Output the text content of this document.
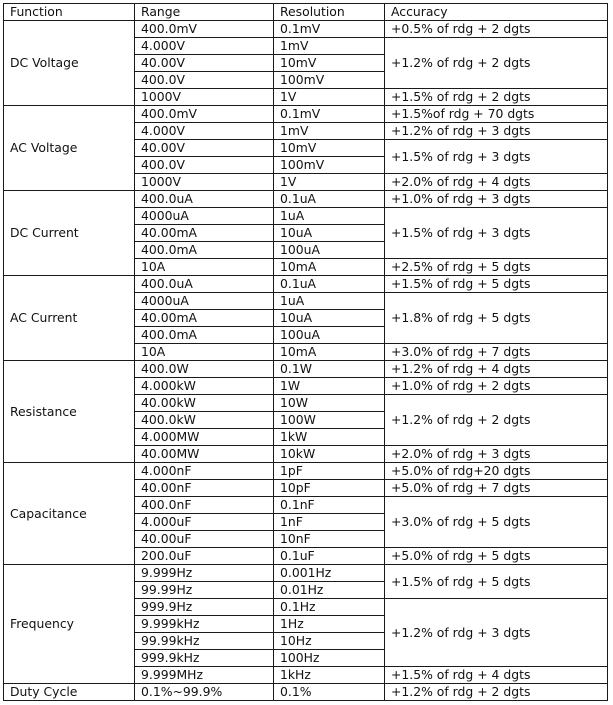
Function	Range	Resolution	Accuracy
DC Voltage	400.0mV	0.1mV	+0.5% of rdg + 2 dgts
	4.000V	1mV	+1.2% of rdg + 2 dgts
	40.00V	10mV	
	400.0V	100mV	
	1000V	1V	+1.5% of rdg + 2 dgts
AC Voltage	400.0mV	0.1mV	+1.5%of rdg + 70 dgts
	4.000V	1mV	+1.2% of rdg + 3 dgts
	40.00V	10mV	+1.5% of rdg + 3 dgts
	400.0V	100mV	
	1000V	1V	+2.0% of rdg + 4 dgts
DC Current	400.0uA	0.1uA	+1.0% of rdg + 3 dgts
	4000uA	1uA	+1.5% of rdg + 3 dgts
	40.00mA	10uA	
	400.0mA	100uA	
	10A	10mA	+2.5% of rdg + 5 dgts
AC Current	400.0uA	0.1uA	+1.5% of rdg + 5 dgts
	4000uA	1uA	+1.8% of rdg + 5 dgts
	40.00mA	10uA	
	400.0mA	100uA	
	10A	10mA	+3.0% of rdg + 7 dgts
Resistance	400.0W	0.1W	+1.2% of rdg + 4 dgts
	4.000kW	1W	+1.0% of rdg + 2 dgts
	40.00kW	10W	+1.2% of rdg + 2 dgts
	400.0kW	100W	
	4.000MW	1kW	
	40.00MW	10kW	+2.0% of rdg + 3 dgts
Capacitance	4.000nF	1pF	+5.0% of rdg+20 dgts
	40.00nF	10pF	+5.0% of rdg + 7 dgts
	400.0nF	0.1nF	+3.0% of rdg + 5 dgts
	4.000uF	1nF	
	40.00uF	10nF	
	200.0uF	0.1uF	+5.0% of rdg + 5 dgts
Frequency	9.999Hz	0.001Hz	+1.5% of rdg + 5 dgts
	99.99Hz	0.01Hz	
	999.9Hz	0.1Hz	+1.2% of rdg + 3 dgts
	9.999kHz	1Hz	
	99.99kHz	10Hz	
	999.9kHz	100Hz	
	9.999MHz	1kHz	+1.5% of rdg + 4 dgts
Duty Cycle	0.1%~99.9%	0.1%	+1.2% of rdg + 2 dgts
